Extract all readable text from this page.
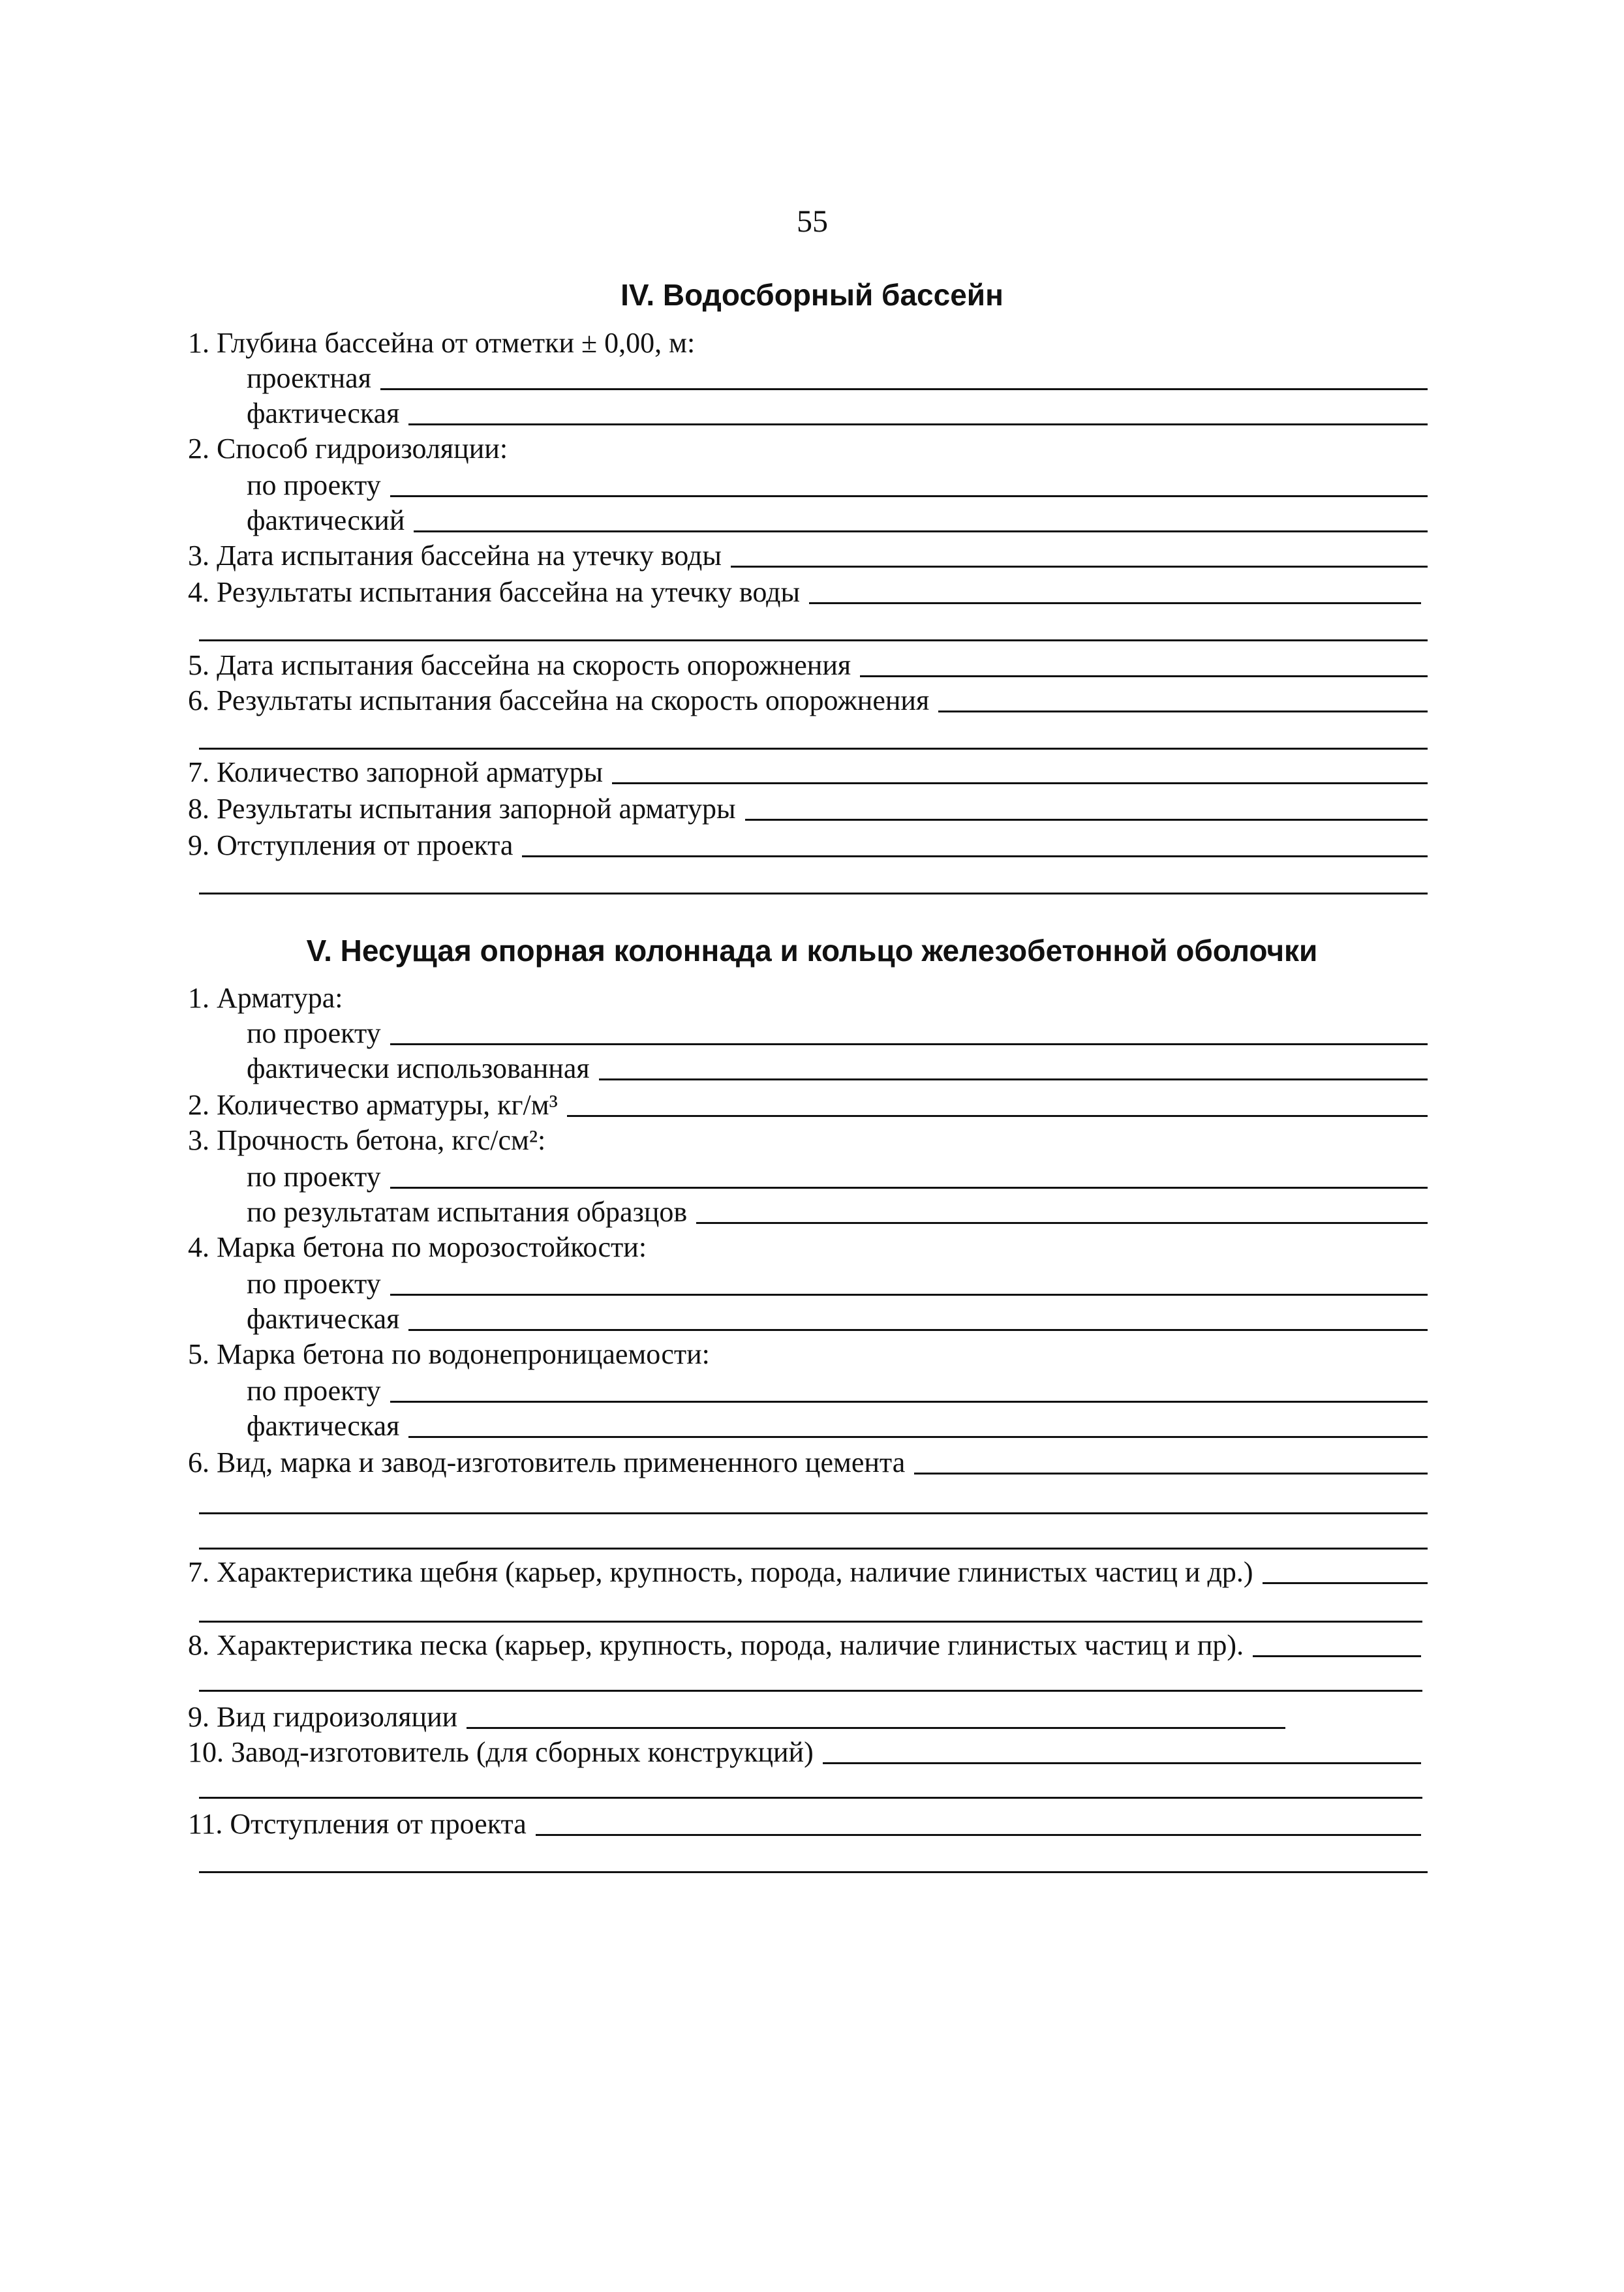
55
IV. Водосборный бассейн
1. Глубина бассейна от отметки ± 0,00, м:
проектная
фактическая
2. Способ гидроизоляции:
по проекту
фактический
3. Дата испытания бассейна на утечку воды
4. Результаты испытания бассейна на утечку воды
5. Дата испытания бассейна на скорость опорожнения
6. Результаты испытания бассейна на скорость опорожнения
7. Количество запорной арматуры
8. Результаты испытания запорной арматуры
9. Отступления от проекта
V. Несущая опорная колоннада и кольцо железобетонной оболочки
1. Арматура:
по проекту
фактически использованная
2. Количество арматуры, кг/м³
3. Прочность бетона, кгс/см²:
по проекту
по результатам испытания образцов
4. Марка бетона по морозостойкости:
по проекту
фактическая
5. Марка бетона по водонепроницаемости:
по проекту
фактическая
6. Вид, марка и завод-изготовитель примененного цемента
7. Характеристика щебня (карьер, крупность, порода, наличие глинистых частиц и др.)
8. Характеристика песка (карьер, крупность, порода, наличие глинистых частиц и пр).
9. Вид гидроизоляции
10. Завод-изготовитель (для сборных конструкций)
11. Отступления от проекта
